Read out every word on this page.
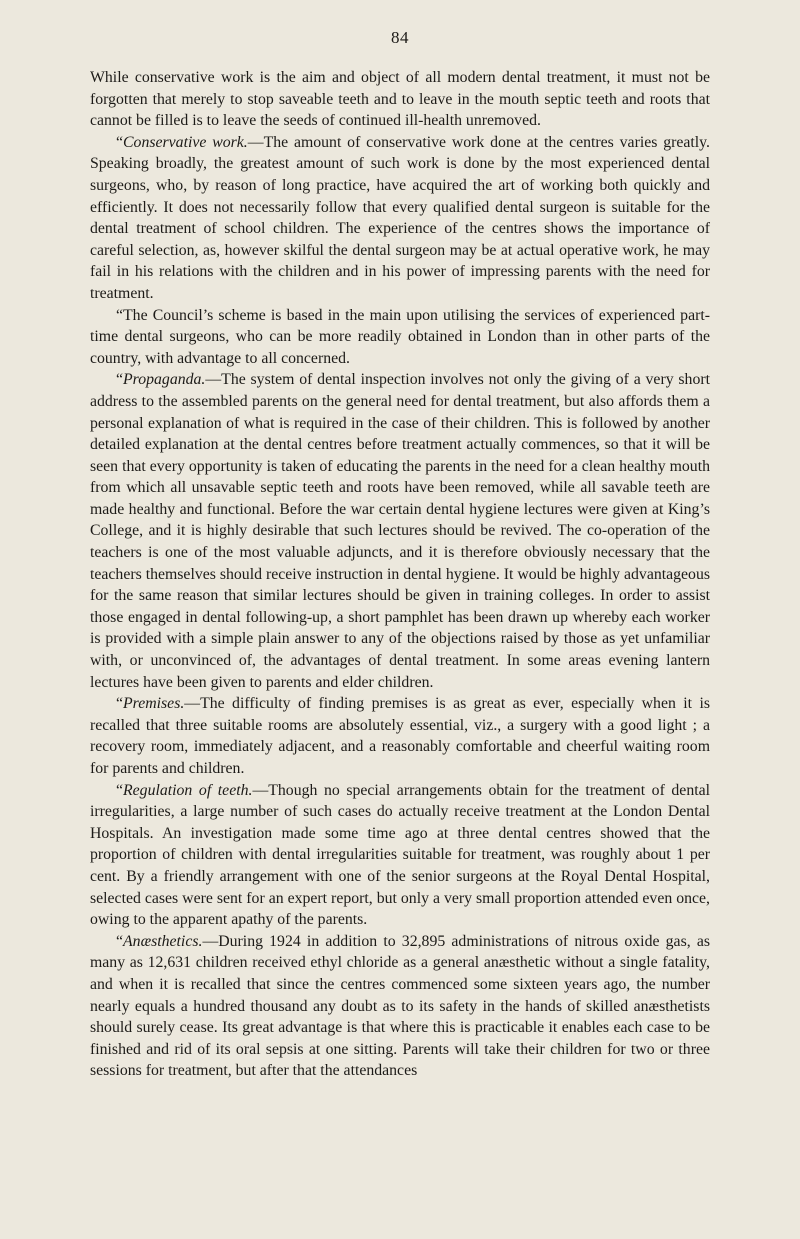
84

While conservative work is the aim and object of all modern dental treatment, it must not be forgotten that merely to stop saveable teeth and to leave in the mouth septic teeth and roots that cannot be filled is to leave the seeds of continued ill-health unremoved.

“Conservative work.—The amount of conservative work done at the centres varies greatly. Speaking broadly, the greatest amount of such work is done by the most experienced dental surgeons, who, by reason of long practice, have acquired the art of working both quickly and efficiently. It does not necessarily follow that every qualified dental surgeon is suitable for the dental treatment of school children. The experience of the centres shows the importance of careful selection, as, however skilful the dental surgeon may be at actual operative work, he may fail in his relations with the children and in his power of impressing parents with the need for treatment.

“The Council’s scheme is based in the main upon utilising the services of experienced part-time dental surgeons, who can be more readily obtained in London than in other parts of the country, with advantage to all concerned.

“Propaganda.—The system of dental inspection involves not only the giving of a very short address to the assembled parents on the general need for dental treatment, but also affords them a personal explanation of what is required in the case of their children. This is followed by another detailed explanation at the dental centres before treatment actually commences, so that it will be seen that every opportunity is taken of educating the parents in the need for a clean healthy mouth from which all unsavable septic teeth and roots have been removed, while all savable teeth are made healthy and functional. Before the war certain dental hygiene lectures were given at King’s College, and it is highly desirable that such lectures should be revived. The co-operation of the teachers is one of the most valuable adjuncts, and it is therefore obviously necessary that the teachers themselves should receive instruction in dental hygiene. It would be highly advantageous for the same reason that similar lectures should be given in training colleges. In order to assist those engaged in dental following-up, a short pamphlet has been drawn up whereby each worker is provided with a simple plain answer to any of the objections raised by those as yet unfamiliar with, or unconvinced of, the advantages of dental treatment. In some areas evening lantern lectures have been given to parents and elder children.

“Premises.—The difficulty of finding premises is as great as ever, especially when it is recalled that three suitable rooms are absolutely essential, viz., a surgery with a good light ; a recovery room, immediately adjacent, and a reasonably comfortable and cheerful waiting room for parents and children.

“Regulation of teeth.—Though no special arrangements obtain for the treatment of dental irregularities, a large number of such cases do actually receive treatment at the London Dental Hospitals. An investigation made some time ago at three dental centres showed that the proportion of children with dental irregularities suitable for treatment, was roughly about 1 per cent. By a friendly arrangement with one of the senior surgeons at the Royal Dental Hospital, selected cases were sent for an expert report, but only a very small proportion attended even once, owing to the apparent apathy of the parents.

“Anæsthetics.—During 1924 in addition to 32,895 administrations of nitrous oxide gas, as many as 12,631 children received ethyl chloride as a general anæsthetic without a single fatality, and when it is recalled that since the centres commenced some sixteen years ago, the number nearly equals a hundred thousand any doubt as to its safety in the hands of skilled anæsthetists should surely cease. Its great advantage is that where this is practicable it enables each case to be finished and rid of its oral sepsis at one sitting. Parents will take their children for two or three sessions for treatment, but after that the attendances
